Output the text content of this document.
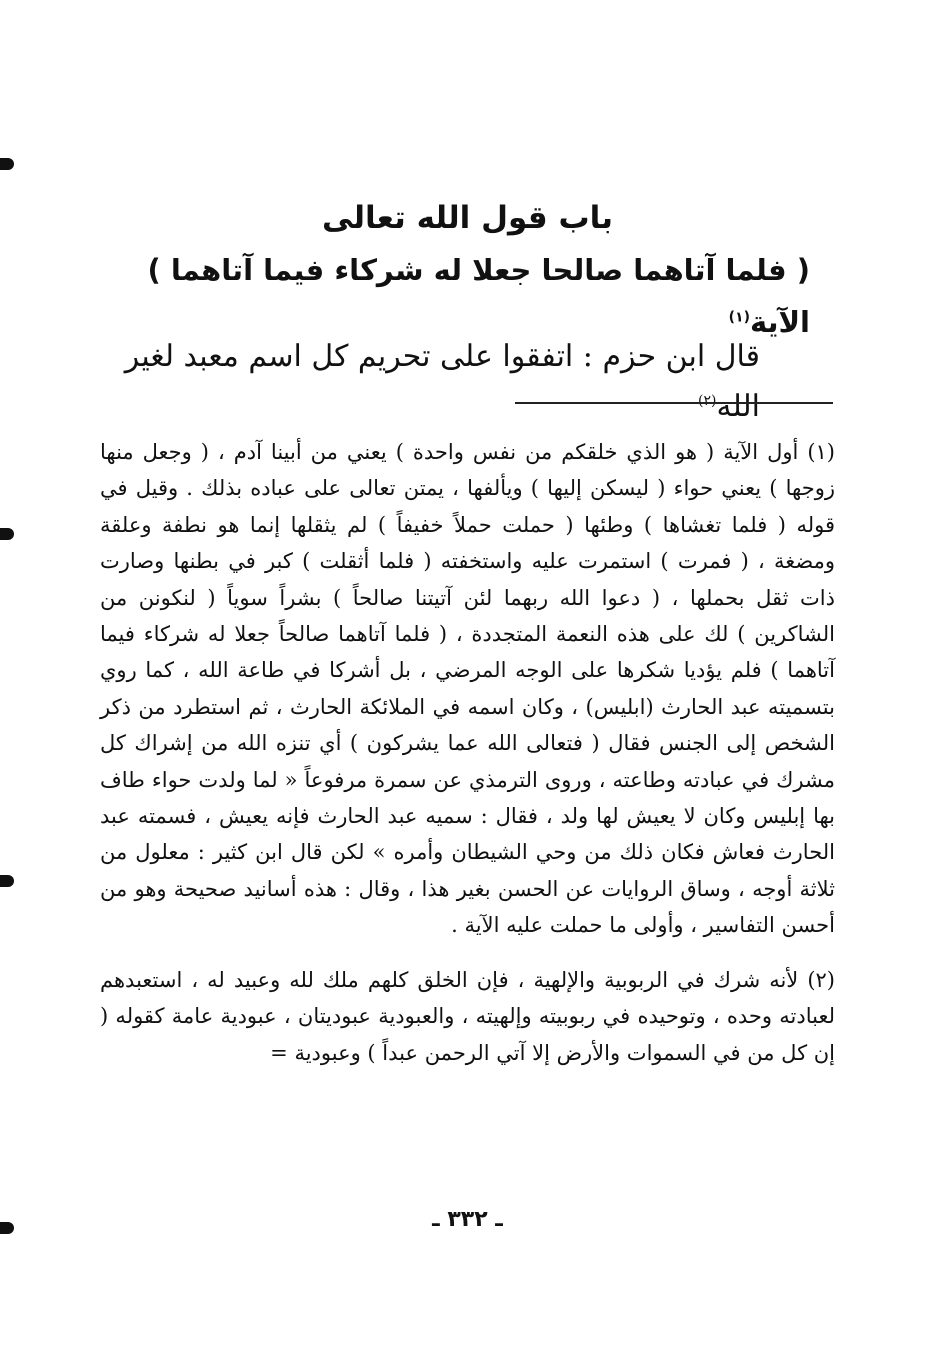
باب قول الله تعالى
( فلما آتاهما صالحا جعلا له شركاء فيما آتاهما ) الآية$^{(١)}$
قال ابن حزم : اتفقوا على تحريم كل اسم معبد لغير الله$^{(٢)}$

(١) أول الآية ( هو الذي خلقكم من نفس واحدة ) يعني من أبينا آدم ، ( وجعل منها زوجها ) يعني حواء ( ليسكن إليها ) ويألفها ، يمتن تعالى على عباده بذلك . وقيل في قوله ( فلما تغشاها ) وطئها ( حملت حملاً خفيفاً ) لم يثقلها إنما هو نطفة وعلقة ومضغة ، ( فمرت ) استمرت عليه واستخفته ( فلما أثقلت ) كبر في بطنها وصارت ذات ثقل بحملها ، ( دعوا الله ربهما لئن آتيتنا صالحاً ) بشراً سوياً ( لنكونن من الشاكرين ) لك على هذه النعمة المتجددة ، ( فلما آتاهما صالحاً جعلا له شركاء فيما آتاهما ) فلم يؤديا شكرها على الوجه المرضي ، بل أشركا في طاعة الله ، كما روي بتسميته عبد الحارث (ابليس) ، وكان اسمه في الملائكة الحارث ، ثم استطرد من ذكر الشخص إلى الجنس فقال ( فتعالى الله عما يشركون ) أي تنزه الله من إشراك كل مشرك في عبادته وطاعته ، وروى الترمذي عن سمرة مرفوعاً « لما ولدت حواء طاف بها إبليس وكان لا يعيش لها ولد ، فقال : سميه عبد الحارث فإنه يعيش ، فسمته عبد الحارث فعاش فكان ذلك من وحي الشيطان وأمره » لكن قال ابن كثير : معلول من ثلاثة أوجه ، وساق الروايات عن الحسن بغير هذا ، وقال : هذه أسانيد صحيحة وهو من أحسن التفاسير ، وأولى ما حملت عليه الآية .

(٢) لأنه شرك في الربوبية والإلهية ، فإن الخلق كلهم ملك لله وعبيد له ، استعبدهم لعبادته وحده ، وتوحيده في ربوبيته وإلهيته ، والعبودية عبوديتان ، عبودية عامة كقوله ( إن كل من في السموات والأرض إلا آتي الرحمن عبداً ) وعبودية =

ـ ٣٣٢ ـ
